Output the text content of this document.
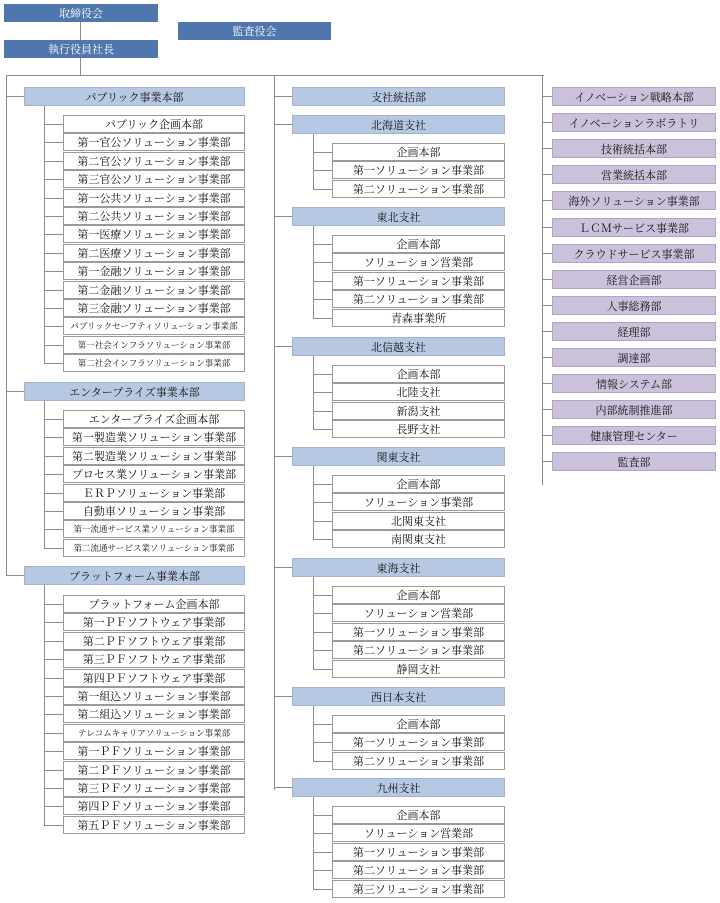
パブリック事業本部
パブリック企画本部
第一官公ソリューション事業部
第二官公ソリューション事業部
第三官公ソリューション事業部
第一公共ソリューション事業部
第二公共ソリューション事業部
第一医療ソリューション事業部
第二医療ソリューション事業部
第一金融ソリューション事業部
第二金融ソリューション事業部
第三金融ソリューション事業部
パブリックセーフティソリューション事業部
第一社会インフラソリューション事業部
第二社会インフラソリューション事業部
エンタープライズ事業本部
エンタープライズ企画本部
第一製造業ソリューション事業部
第二製造業ソリューション事業部
プロセス業ソリューション事業部
ＥＲＰソリューション事業部
自動車ソリューション事業部
第一流通サービス業ソリューション事業部
第二流通サービス業ソリューション事業部
プラットフォーム事業本部
プラットフォーム企画本部
第一ＰＦソフトウェア事業部
第二ＰＦソフトウェア事業部
第三ＰＦソフトウェア事業部
第四ＰＦソフトウェア事業部
第一組込ソリューション事業部
第二組込ソリューション事業部
テレコムキャリアソリューション事業部
第一ＰＦソリューション事業部
第二ＰＦソリューション事業部
第三ＰＦソリューション事業部
第四ＰＦソリューション事業部
第五ＰＦソリューション事業部
支社統括部
北海道支社
企画本部
第一ソリューション事業部
第二ソリューション事業部
東北支社
企画本部
ソリューション営業部
第一ソリューション事業部
第二ソリューション事業部
青森事業所
北信越支社
企画本部
北陸支社
新潟支社
長野支社
関東支社
企画本部
ソリューション事業部
北関東支社
南関東支社
東海支社
企画本部
ソリューション営業部
第一ソリューション事業部
第二ソリューション事業部
静岡支社
西日本支社
企画本部
第一ソリューション事業部
第二ソリューション事業部
九州支社
企画本部
ソリューション営業部
第一ソリューション事業部
第二ソリューション事業部
第三ソリューション事業部
イノベーション戦略本部
イノベーションラボラトリ
技術統括本部
営業統括本部
海外ソリューション事業部
ＬＣＭサービス事業部
クラウドサービス事業部
経営企画部
人事総務部
経理部
調達部
情報システム部
内部統制推進部
健康管理センター
監査部
取締役会
監査役会
執行役員社長
